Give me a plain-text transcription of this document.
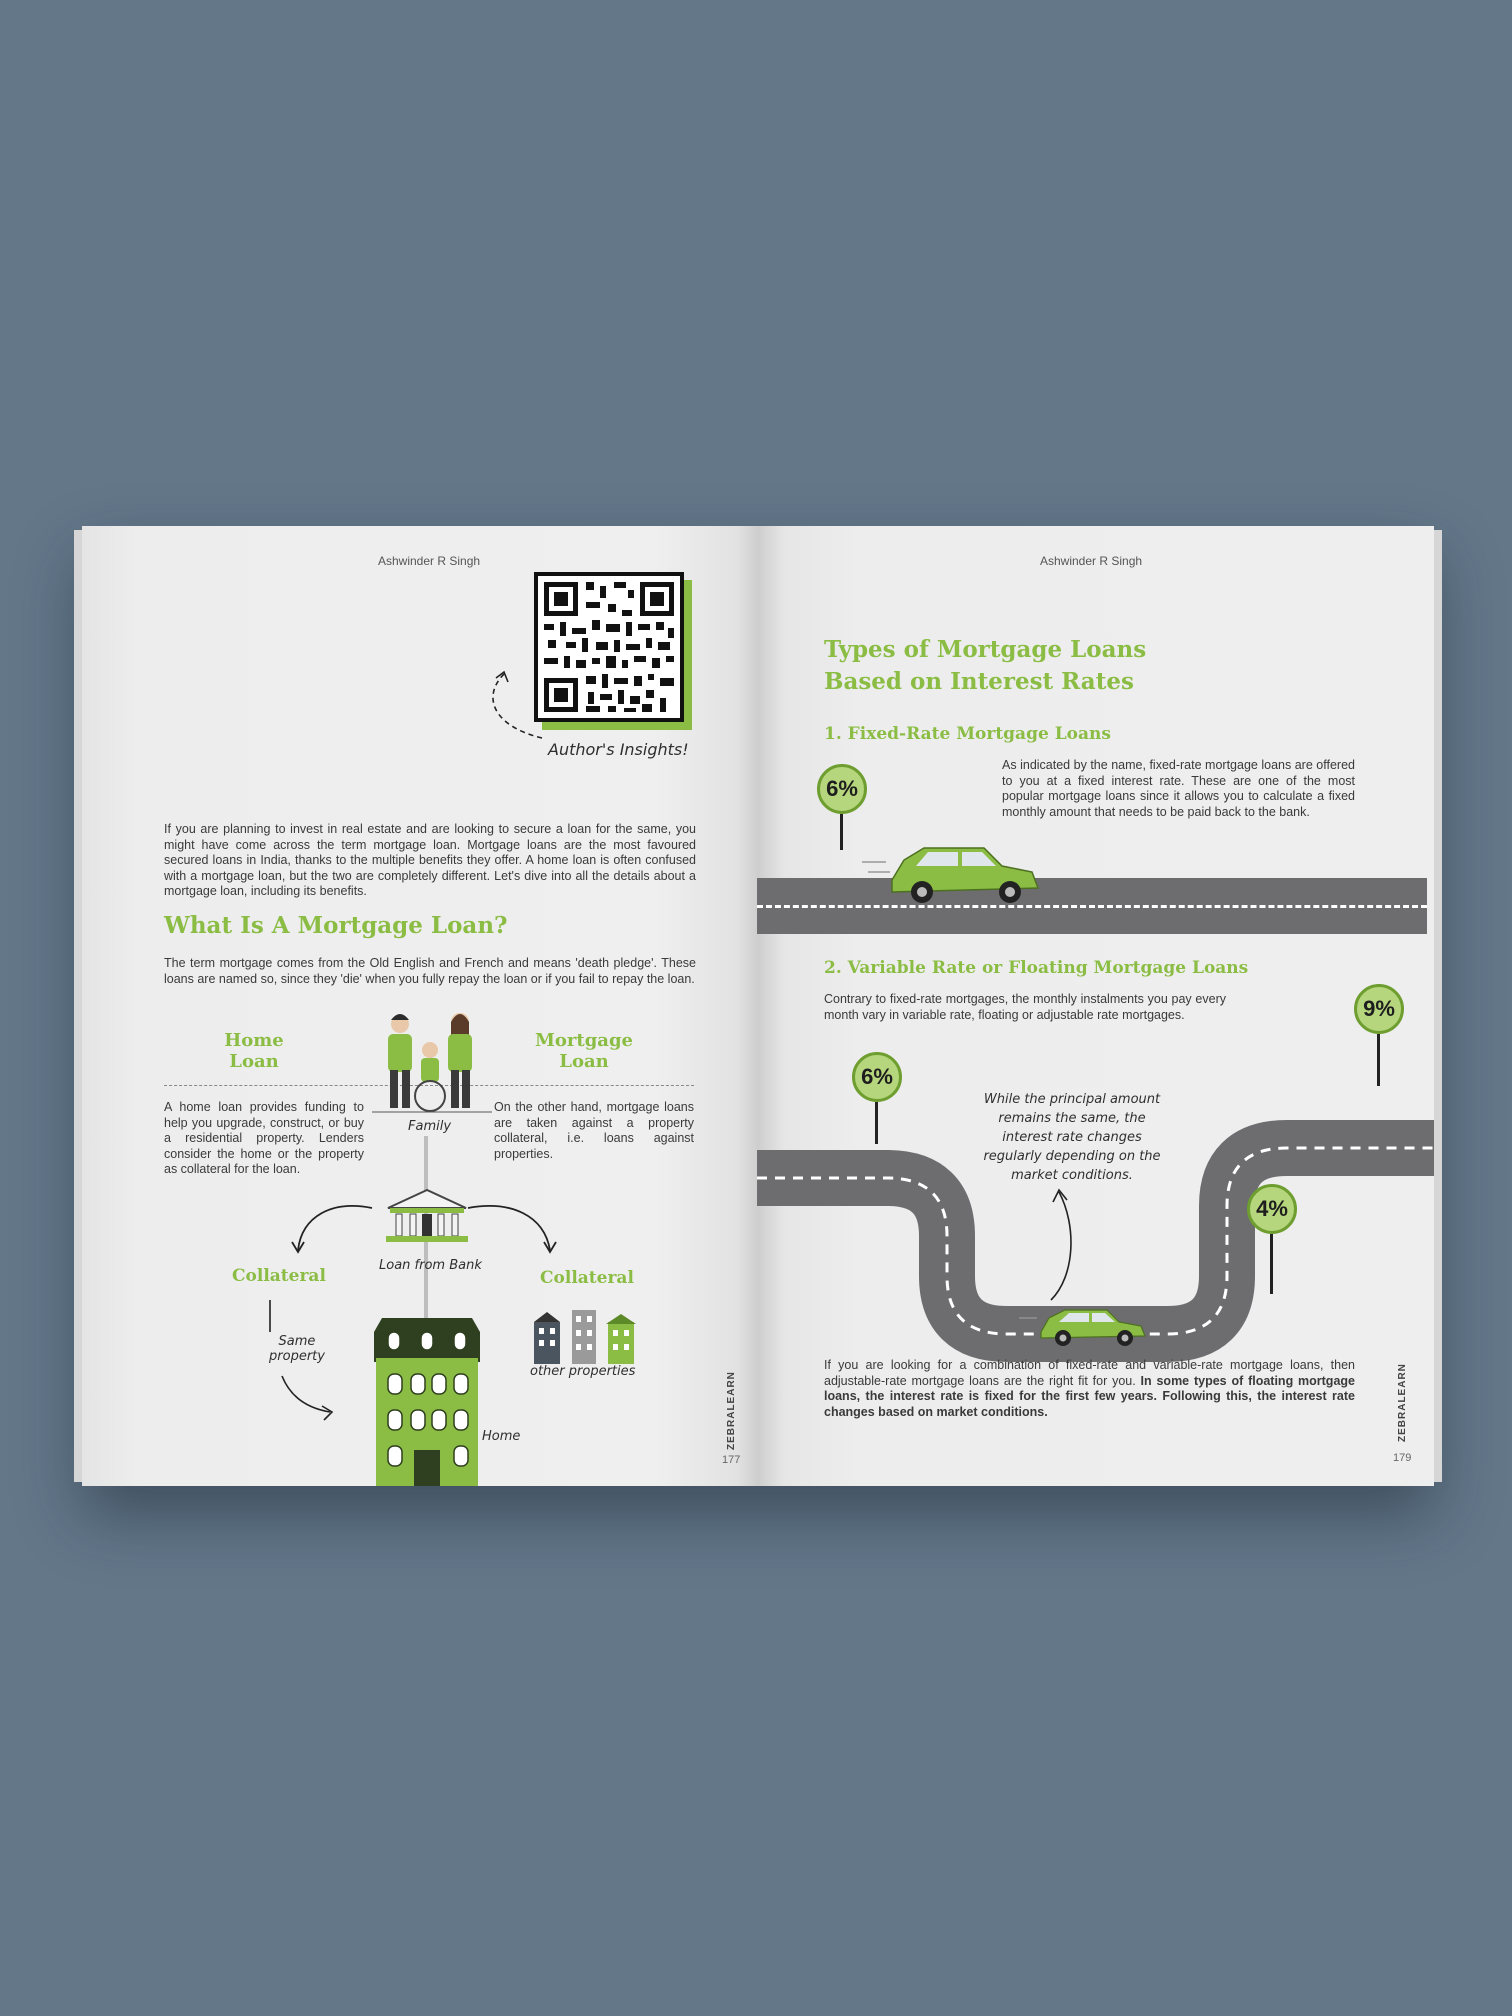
Ashwinder R Singh
Author's Insights!
If you are planning to invest in real estate and are looking to secure a loan for the same, you might have come across the term mortgage loan. Mortgage loans are the most favoured secured loans in India, thanks to the multiple benefits they offer. A home loan is often confused with a mortgage loan, but the two are completely different. Let's dive into all the details about a mortgage loan, including its benefits.
What Is A Mortgage Loan?
The term mortgage comes from the Old English and French and means 'death pledge'. These loans are named so, since they 'die' when you fully repay the loan or if you fail to repay the loan.
Home Loan
Mortgage Loan
Family
A home loan provides funding to help you upgrade, construct, or buy a residential property. Lenders consider the home or the property as collateral for the loan.
On the other hand, mortgage loans are taken against a property collateral, i.e. loans against properties.
Loan from Bank
Collateral	Collateral
Same property
other properties
Home	ZEBRALEARN
177
Ashwinder R Singh
Types of Mortgage Loans
Based on Interest Rates
1. Fixed-Rate Mortgage Loans
As indicated by the name, fixed-rate mortgage loans are offered to you at a fixed interest rate. These are one of the most popular mortgage loans since it allows you to calculate a fixed monthly amount that needs to be paid back to the bank.
6%
2. Variable Rate or Floating Mortgage Loans
Contrary to fixed-rate mortgages, the monthly instalments you pay every month vary in variable rate, floating or adjustable rate mortgages.
6%
4%
9%
While the principal amount remains the same, the interest rate changes regularly depending on the market conditions.
If you are looking for a combination of fixed-rate and variable-rate mortgage loans, then adjustable-rate mortgage loans are the right fit for you. In some types of floating mortgage loans, the interest rate is fixed for the first few years. Following this, the interest rate changes based on market conditions.	ZEBRALEARN
179
